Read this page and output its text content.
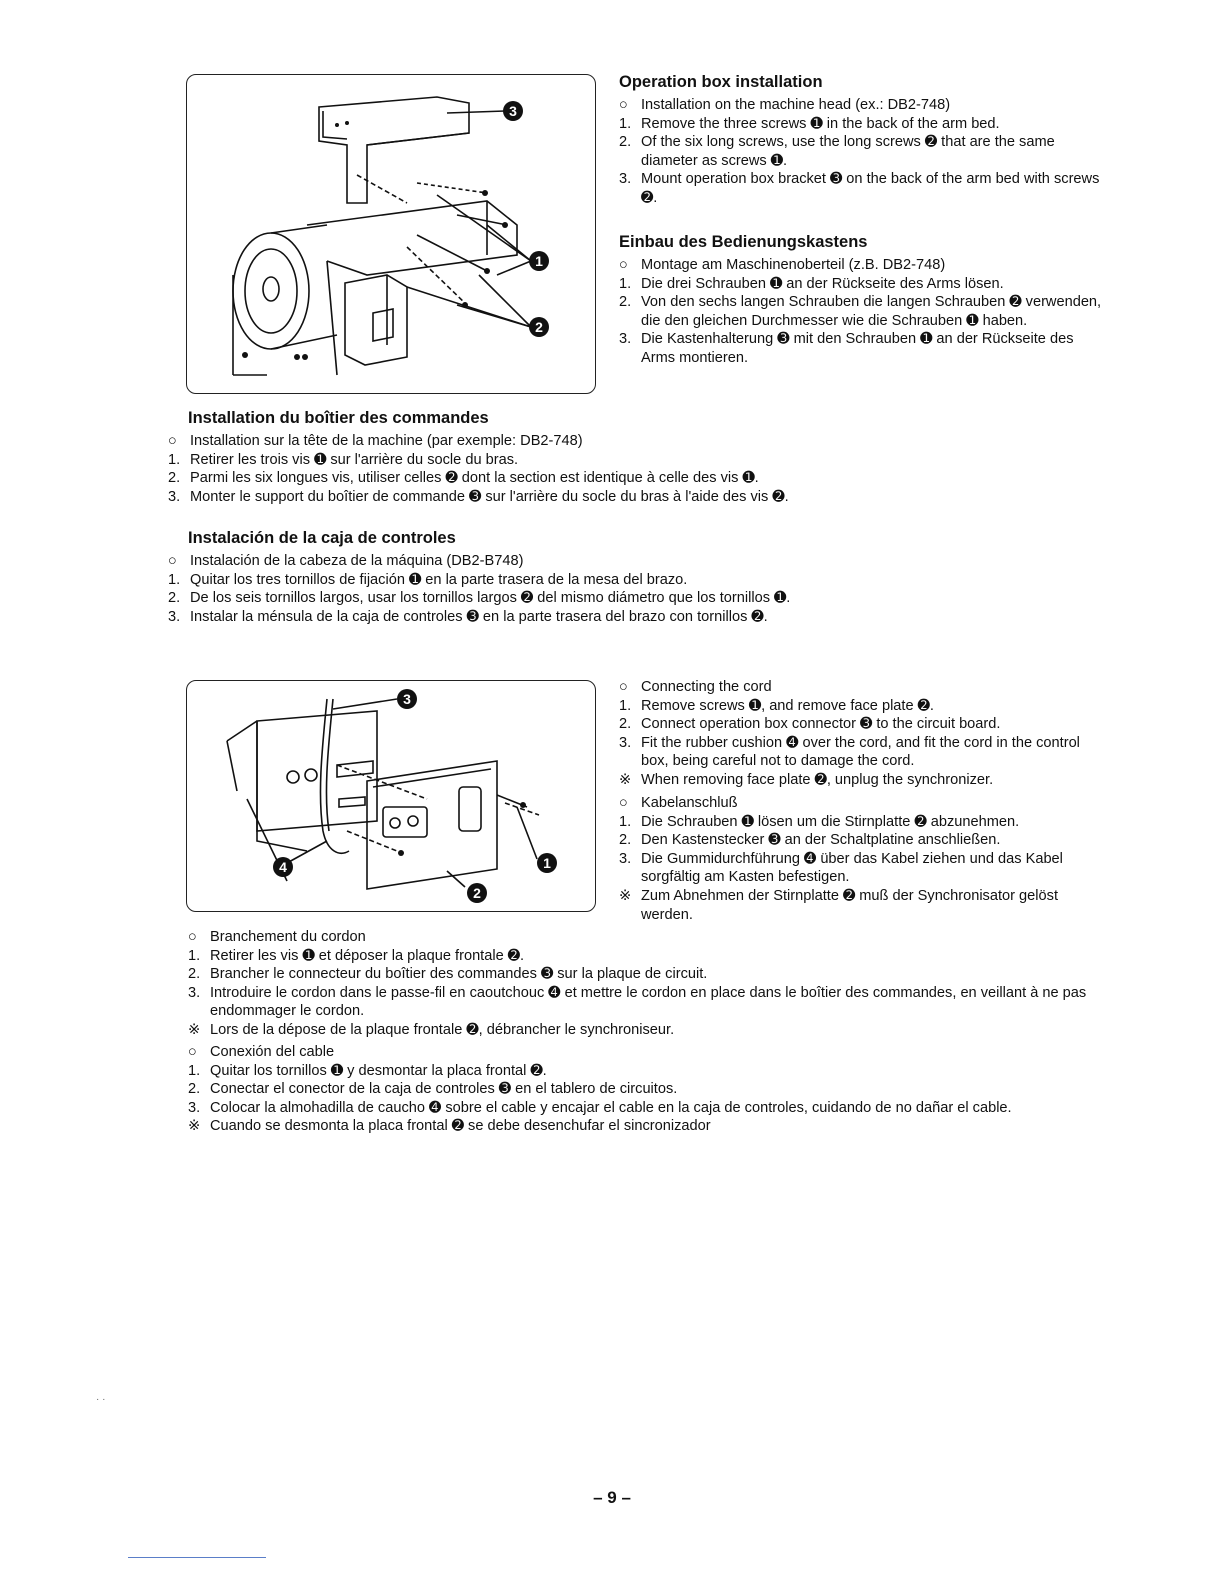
3
1
2
Operation box installation
○ Installation on the machine head (ex.: DB2-748)
1. Remove the three screws ➊ in the back of the arm bed.
2. Of the six long screws, use the long screws ➋ that are the same diameter as screws ➊.
3. Mount operation box bracket ➌ on the back of the arm bed with screws ➋.
Einbau des Bedienungskastens
○ Montage am Maschinenoberteil (z.B. DB2-748)
1. Die drei Schrauben ➊ an der Rückseite des Arms lösen.
2. Von den sechs langen Schrauben die langen Schrauben ➋ verwenden, die den gleichen Durchmesser wie die Schrauben ➊ haben.
3. Die Kastenhalterung ➌ mit den Schrauben ➊ an der Rückseite des Arms montieren.
Installation du boîtier des commandes
○ Installation sur la tête de la machine (par exemple: DB2-748)
1. Retirer les trois vis ➊ sur l'arrière du socle du bras.
2. Parmi les six longues vis, utiliser celles ➋ dont la section est identique à celle des vis ➊.
3. Monter le support du boîtier de commande ➌ sur l'arrière du socle du bras à l'aide des vis ➋.
Instalación de la caja de controles
○ Instalación de la cabeza de la máquina (DB2-B748)
1. Quitar los tres tornillos de fijación ➊ en la parte trasera de la mesa del brazo.
2. De los seis tornillos largos, usar los tornillos largos ➋ del mismo diámetro que los tornillos ➊.
3. Instalar la ménsula de la caja de controles ➌ en la parte trasera del brazo con tornillos ➋.
3
4	1
2
○ Connecting the cord
1. Remove screws ➊, and remove face plate ➋.
2. Connect operation box connector ➌ to the circuit board.
3. Fit the rubber cushion ➍ over the cord, and fit the cord in the control box, being careful not to damage the cord.
※ When removing face plate ➋, unplug the synchronizer.
○ Kabelanschluß
1. Die Schrauben ➊ lösen um die Stirnplatte ➋ abzunehmen.
2. Den Kastenstecker ➌ an der Schaltplatine anschließen.
3. Die Gummidurchführung ➍ über das Kabel ziehen und das Kabel sorgfältig am Kasten befestigen.
※ Zum Abnehmen der Stirnplatte ➋ muß der Synchronisator gelöst werden.
○ Branchement du cordon
1. Retirer les vis ➊ et déposer la plaque frontale ➋.
2. Brancher le connecteur du boîtier des commandes ➌ sur la plaque de circuit.
3. Introduire le cordon dans le passe-fil en caoutchouc ➍ et mettre le cordon en place dans le boîtier des commandes, en veillant à ne pas endommager le cordon.
※ Lors de la dépose de la plaque frontale ➋, débrancher le synchroniseur.
○ Conexión del cable
1. Quitar los tornillos ➊ y desmontar la placa frontal ➋.
2. Conectar el conector de la caja de controles ➌ en el tablero de circuitos.
3. Colocar la almohadilla de caucho ➍ sobre el cable y encajar el cable en la caja de controles, cuidando de no dañar el cable.
※ Cuando se desmonta la placa frontal ➋ se debe desenchufar el sincronizador
· ·
– 9 –
